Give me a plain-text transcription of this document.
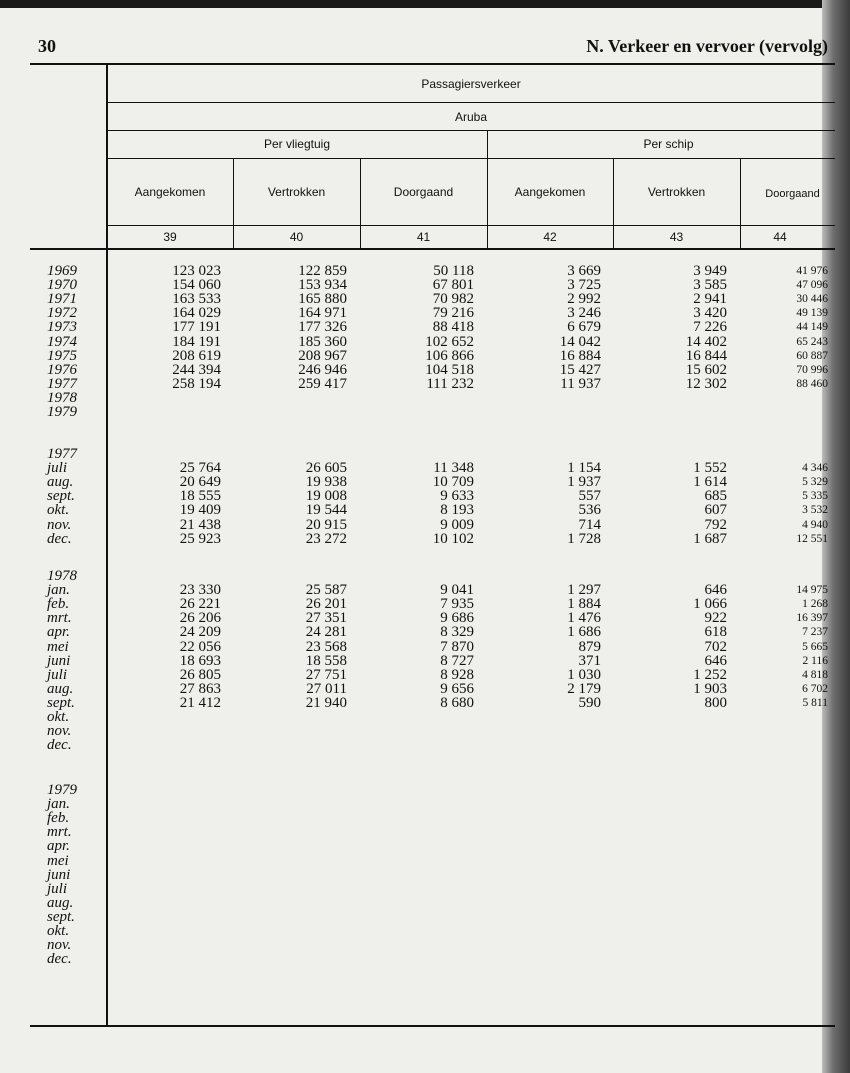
30	N. Verkeer en vervoer (vervolg)
Passagiersverkeer
Aruba
Per vliegtuig	Per schip
Aangekomen	Vertrokken	Doorgaand	Aangekomen	Vertrokken	Doorgaand
39	40	41	42	43	44
1969	123 023	122 859	50 118	3 669	3 949	41 976
1970	154 060	153 934	67 801	3 725	3 585	47 096
1971	163 533	165 880	70 982	2 992	2 941	30 446
1972	164 029	164 971	79 216	3 246	3 420	49 139
1973	177 191	177 326	88 418	6 679	7 226	44 149
1974	184 191	185 360	102 652	14 042	14 402	65 243
1975	208 619	208 967	106 866	16 884	16 844	60 887
1976	244 394	246 946	104 518	15 427	15 602	70 996
1977	258 194	259 417	111 232	11 937	12 302	88 460
1978
1979
1977
juli	25 764	26 605	11 348	1 154	1 552	4 346
aug.	20 649	19 938	10 709	1 937	1 614	5 329
sept.	18 555	19 008	9 633	557	685	5 335
okt.	19 409	19 544	8 193	536	607	3 532
nov.	21 438	20 915	9 009	714	792	4 940
dec.	25 923	23 272	10 102	1 728	1 687	12 551
1978
jan.	23 330	25 587	9 041	1 297	646	14 975
feb.	26 221	26 201	7 935	1 884	1 066	1 268
mrt.	26 206	27 351	9 686	1 476	922	16 397
apr.	24 209	24 281	8 329	1 686	618	7 237
mei	22 056	23 568	7 870	879	702	5 665
juni	18 693	18 558	8 727	371	646	2 116
juli	26 805	27 751	8 928	1 030	1 252	4 818
aug.	27 863	27 011	9 656	2 179	1 903	6 702
sept.	21 412	21 940	8 680	590	800	5 811
okt.
nov.
dec.
1979
jan.
feb.
mrt.
apr.
mei
juni
juli
aug.
sept.
okt.
nov.
dec.
